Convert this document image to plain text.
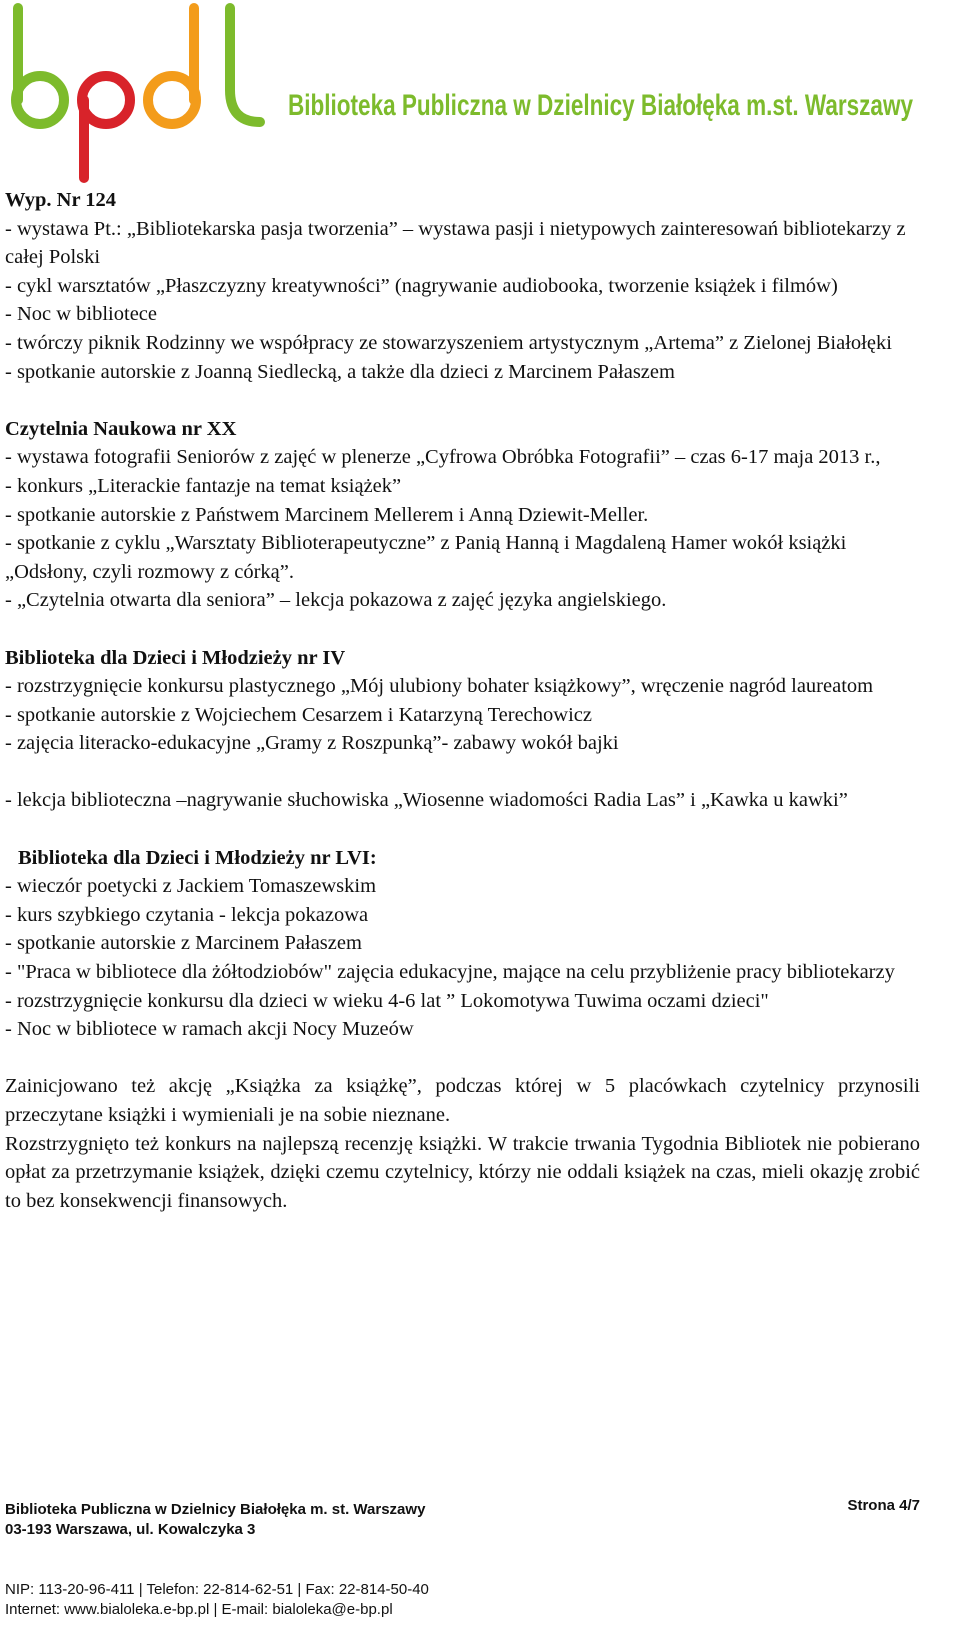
Biblioteka Publiczna w Dzielnicy Białołęka m.st. Warszawy

Wyp. Nr 124

- wystawa Pt.: „Bibliotekarska pasja tworzenia” – wystawa pasji i nietypowych zainteresowań bibliotekarzy z całej Polski

- cykl warsztatów „Płaszczyzny kreatywności” (nagrywanie audiobooka, tworzenie książek i filmów)

- Noc w bibliotece

- twórczy piknik Rodzinny we współpracy ze stowarzyszeniem artystycznym „Artema” z Zielonej Białołęki

- spotkanie autorskie z Joanną Siedlecką, a także dla dzieci z Marcinem Pałaszem

Czytelnia Naukowa nr XX

- wystawa fotografii Seniorów z zajęć w plenerze „Cyfrowa Obróbka Fotografii” – czas 6-17 maja 2013 r.,

- konkurs „Literackie fantazje na temat książek”

- spotkanie autorskie z Państwem Marcinem Mellerem i Anną Dziewit-Meller.

- spotkanie z cyklu „Warsztaty Biblioterapeutyczne” z Panią Hanną i Magdaleną Hamer wokół książki „Odsłony, czyli rozmowy z córką”.

- „Czytelnia otwarta dla seniora” – lekcja pokazowa z zajęć języka angielskiego.

Biblioteka dla Dzieci i Młodzieży nr IV

- rozstrzygnięcie konkursu plastycznego „Mój ulubiony bohater książkowy”, wręczenie nagród laureatom

- spotkanie autorskie z Wojciechem Cesarzem i Katarzyną Terechowicz

- zajęcia literacko-edukacyjne „Gramy z Roszpunką”- zabawy wokół bajki

- lekcja biblioteczna –nagrywanie słuchowiska „Wiosenne wiadomości Radia Las” i „Kawka u kawki”

Biblioteka dla Dzieci i Młodzieży nr LVI:

- wieczór poetycki z Jackiem Tomaszewskim

- kurs szybkiego czytania - lekcja pokazowa

- spotkanie autorskie z Marcinem Pałaszem

- "Praca w bibliotece dla żółtodziobów" zajęcia edukacyjne, mające na celu przybliżenie pracy bibliotekarzy

- rozstrzygnięcie konkursu dla dzieci w wieku 4-6 lat ” Lokomotywa Tuwima oczami dzieci"

- Noc w bibliotece w ramach akcji Nocy Muzeów

Zainicjowano też akcję „Książka za książkę”, podczas której w 5 placówkach czytelnicy przynosili przeczytane książki i wymieniali je na sobie nieznane.

Rozstrzygnięto też konkurs na najlepszą recenzję książki. W trakcie trwania Tygodnia Bibliotek nie pobierano opłat za przetrzymanie książek, dzięki czemu czytelnicy, którzy nie oddali książek na czas, mieli okazję zrobić to bez konsekwencji finansowych.

Strona 4/7
Biblioteka Publiczna w Dzielnicy Białołęka m. st. Warszawy
03-193 Warszawa, ul. Kowalczyka 3
NIP: 113-20-96-411 | Telefon: 22-814-62-51 | Fax: 22-814-50-40
Internet: www.bialoleka.e-bp.pl | E-mail: bialoleka@e-bp.pl
